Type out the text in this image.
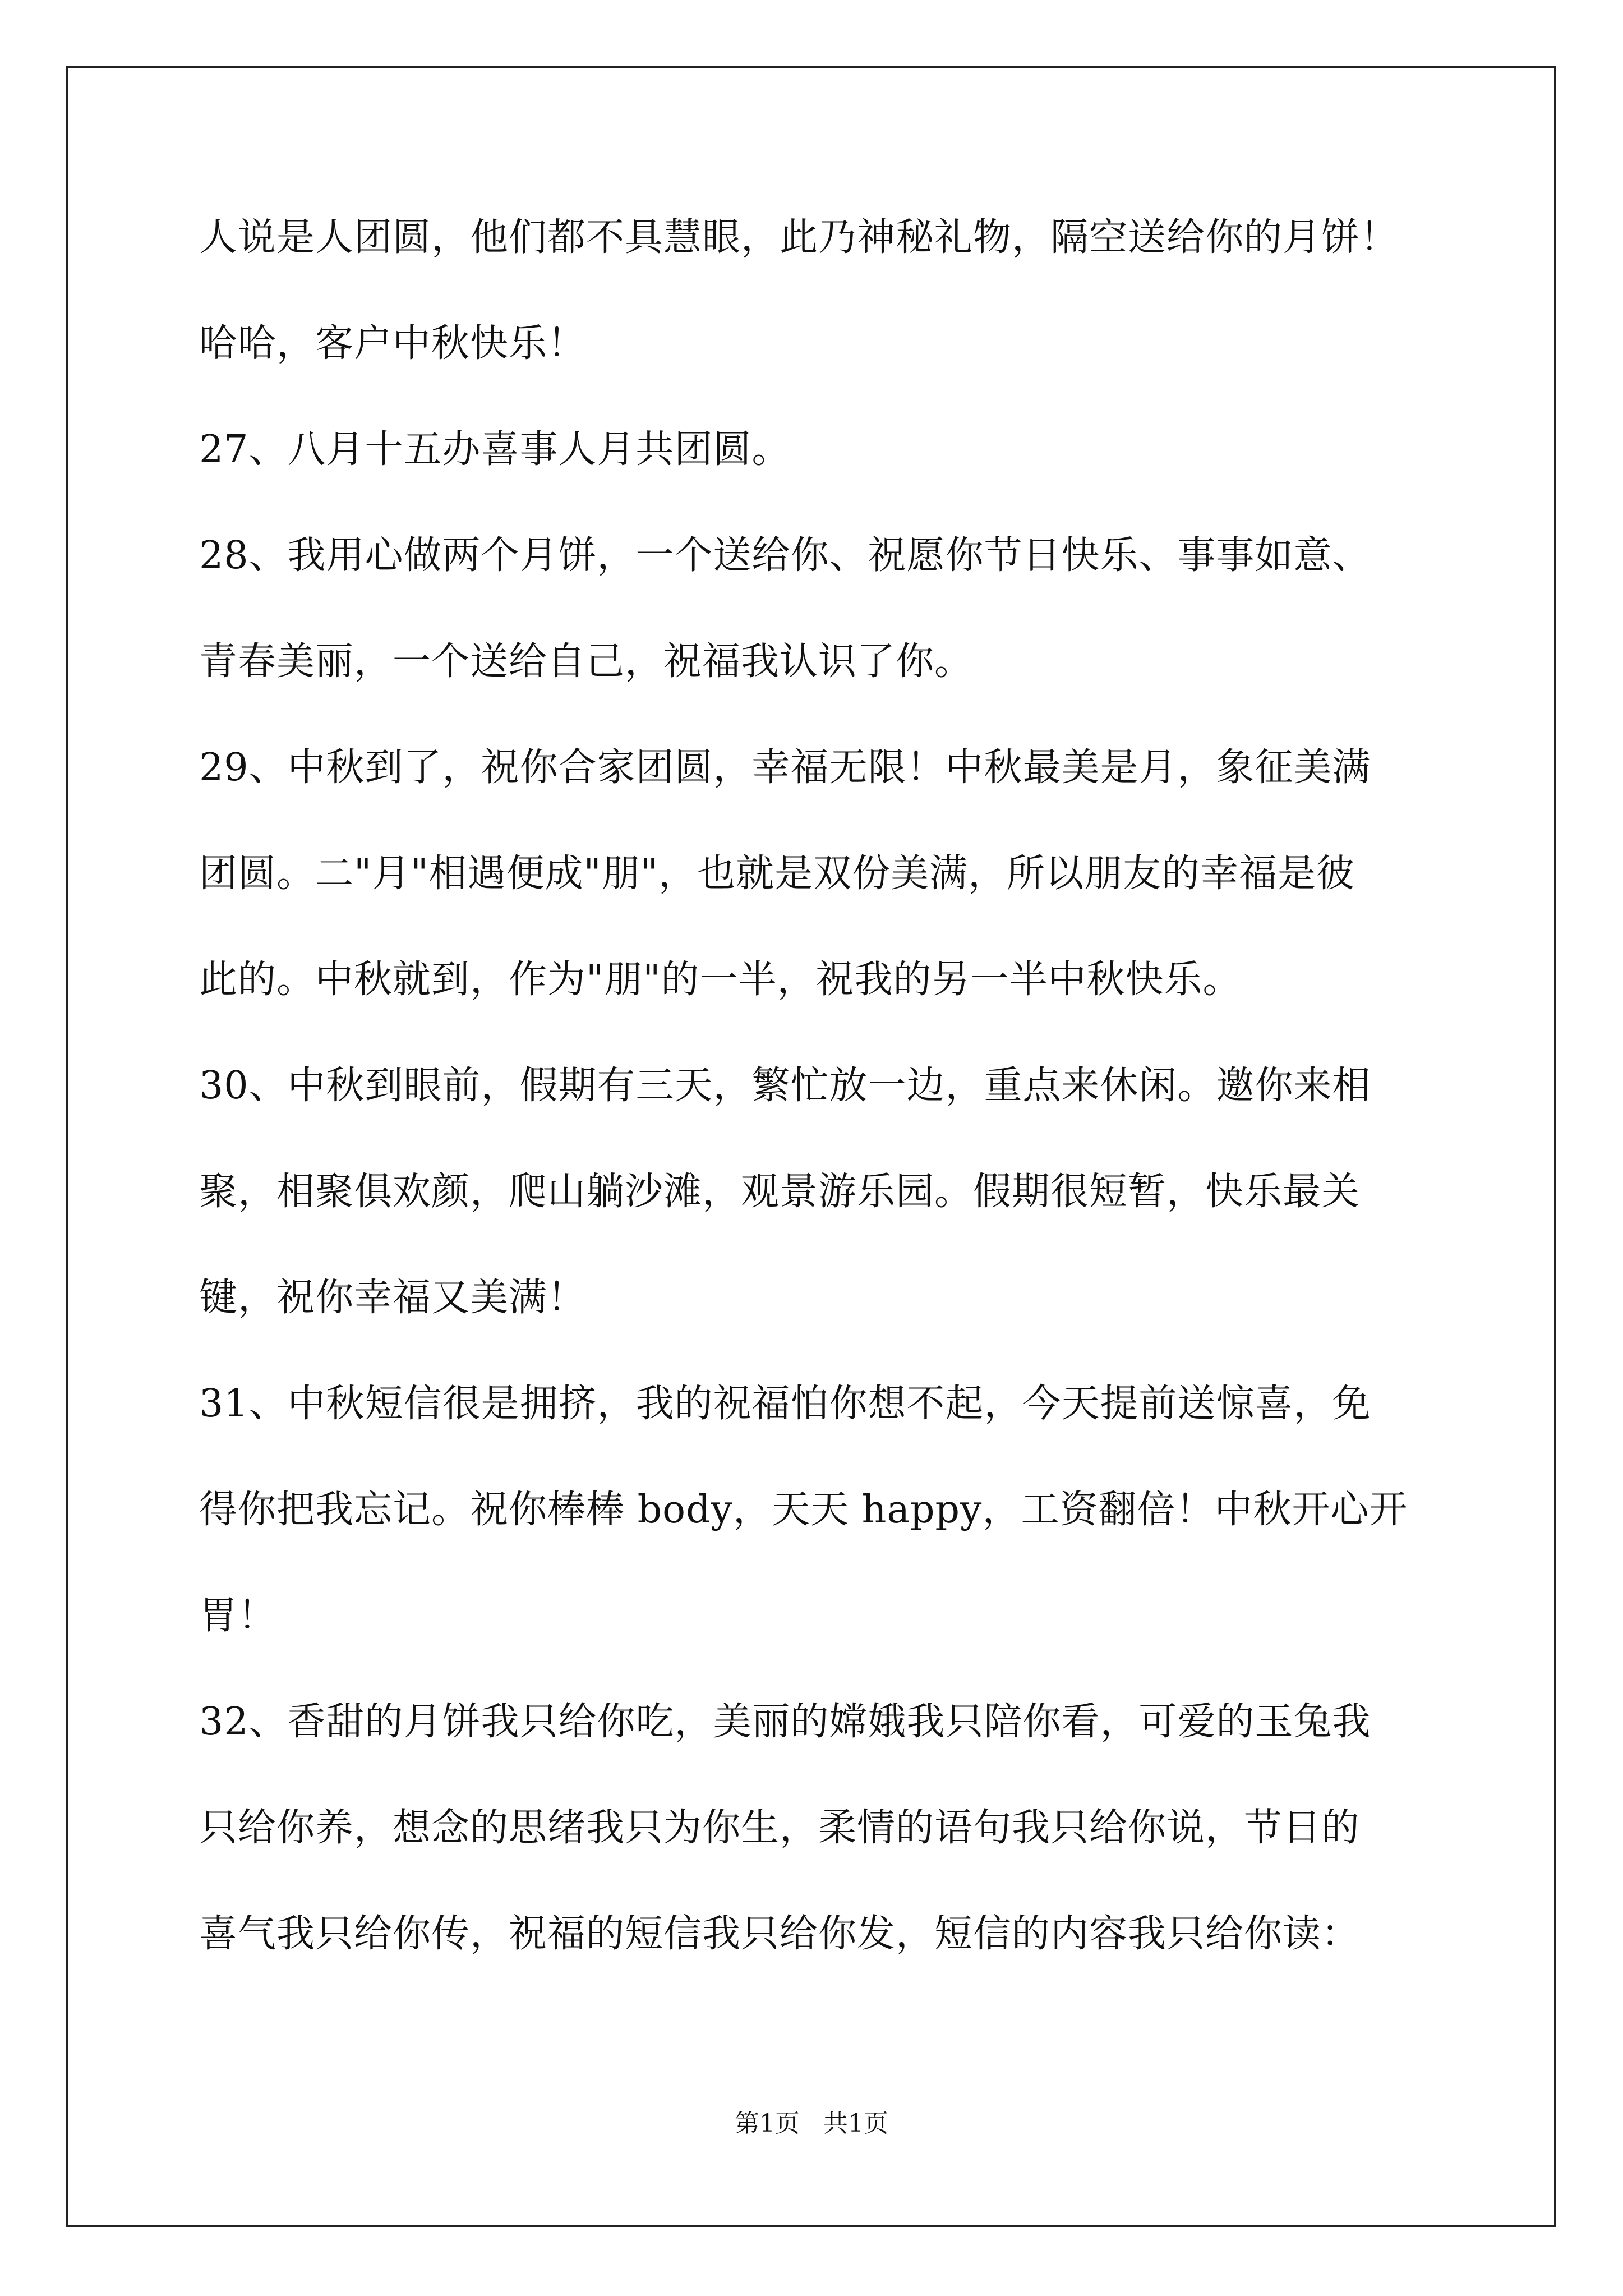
人说是人团圆，他们都不具慧眼，此乃神秘礼物，隔空送给你的月饼！

哈哈，客户中秋快乐！

27、八月十五办喜事人月共团圆。

28、我用心做两个月饼，一个送给你、祝愿你节日快乐、事事如意、

青春美丽，一个送给自己，祝福我认识了你。

29、中秋到了，祝你合家团圆，幸福无限！中秋最美是月，象征美满

团圆。二"月"相遇便成"朋"，也就是双份美满，所以朋友的幸福是彼

此的。中秋就到，作为"朋"的一半，祝我的另一半中秋快乐。

30、中秋到眼前，假期有三天，繁忙放一边，重点来休闲。邀你来相

聚，相聚俱欢颜，爬山躺沙滩，观景游乐园。假期很短暂，快乐最关

键，祝你幸福又美满！

31、中秋短信很是拥挤，我的祝福怕你想不起，今天提前送惊喜，免

得你把我忘记。祝你棒棒 body，天天 happy，工资翻倍！中秋开心开

胃！

32、香甜的月饼我只给你吃，美丽的嫦娥我只陪你看，可爱的玉兔我

只给你养，想念的思绪我只为你生，柔情的语句我只给你说，节日的

喜气我只给你传，祝福的短信我只给你发，短信的内容我只给你读：

第1页   共1页
